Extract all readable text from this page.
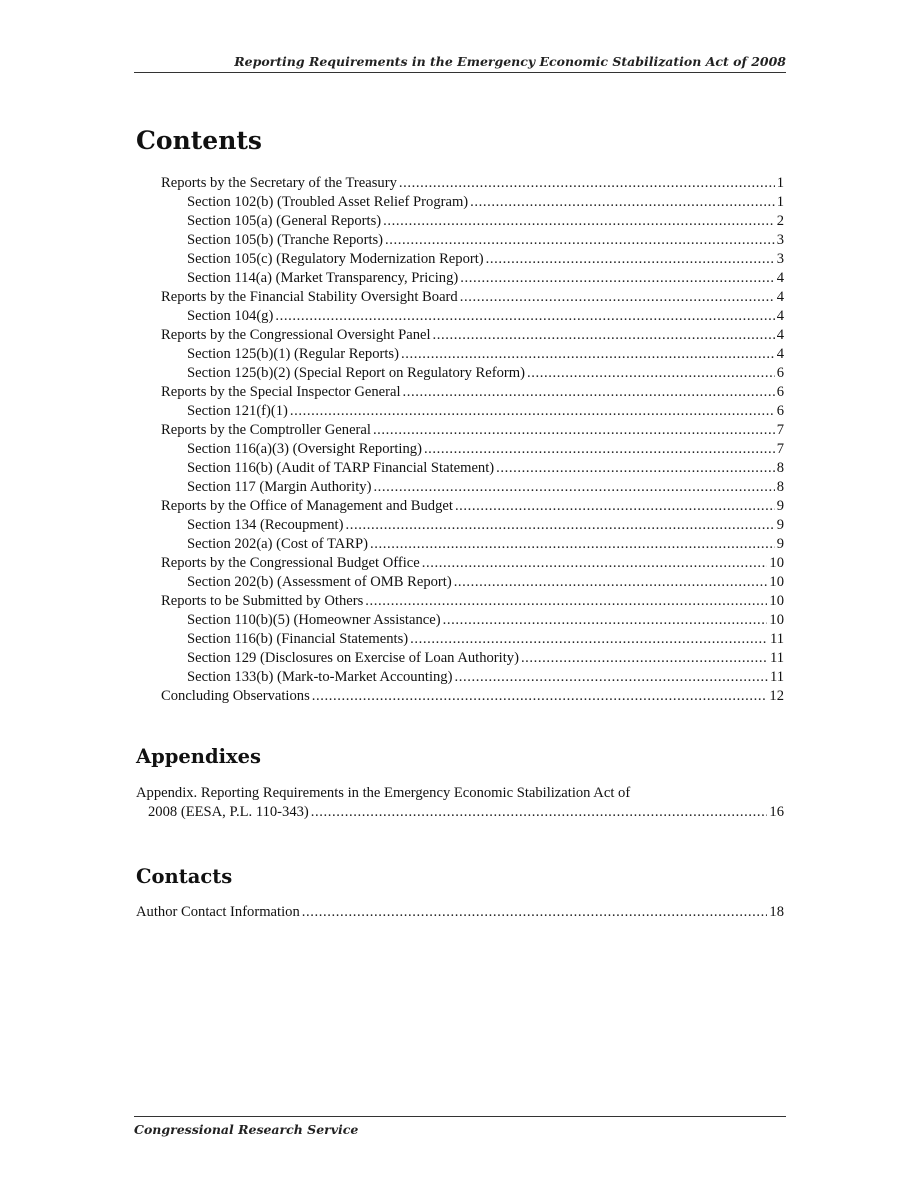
Reporting Requirements in the Emergency Economic Stabilization Act of 2008
Contents
Reports by the Secretary of the Treasury .....	1
Section 102(b) (Troubled Asset Relief Program) .....	1
Section 105(a) (General Reports) .....	2
Section 105(b) (Tranche Reports) .....	3
Section 105(c) (Regulatory Modernization Report) .....	3
Section 114(a) (Market Transparency, Pricing) .....	4
Reports by the Financial Stability Oversight Board .....	4
Section 104(g) .....	4
Reports by the Congressional Oversight Panel .....	4
Section 125(b)(1) (Regular Reports) .....	4
Section 125(b)(2) (Special Report on Regulatory Reform) .....	6
Reports by the Special Inspector General .....	6
Section 121(f)(1) .....	6
Reports by the Comptroller General .....	7
Section 116(a)(3) (Oversight Reporting) .....	7
Section 116(b) (Audit of TARP Financial Statement) .....	8
Section 117 (Margin Authority) .....	8
Reports by the Office of Management and Budget .....	9
Section 134 (Recoupment) .....	9
Section 202(a) (Cost of TARP) .....	9
Reports by the Congressional Budget Office .....	10
Section 202(b) (Assessment of OMB Report) .....	10
Reports to be Submitted by Others .....	10
Section 110(b)(5) (Homeowner Assistance) .....	10
Section 116(b) (Financial Statements) .....	11
Section 129 (Disclosures on Exercise of Loan Authority) .....	11
Section 133(b) (Mark-to-Market Accounting) .....	11
Concluding Observations .....	12
Appendixes
Appendix. Reporting Requirements in the Emergency Economic Stabilization Act of
2008 (EESA, P.L. 110-343) .....	16
Contacts
Author Contact Information .....	18
Congressional Research Service
